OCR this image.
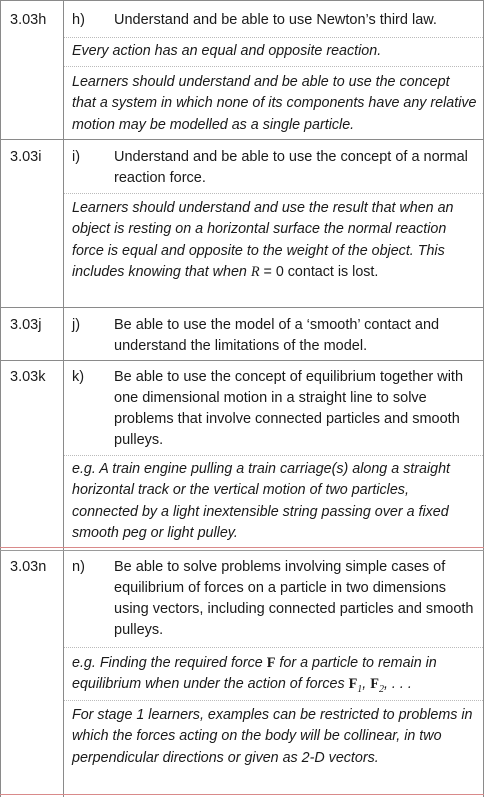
3.03h h) Understand and be able to use Newton’s third law.
Every action has an equal and opposite reaction.
Learners should understand and be able to use the concept that a system in which none of its components have any relative motion may be modelled as a single particle.
3.03i i) Understand and be able to use the concept of a normal reaction force.
Learners should understand and use the result that when an object is resting on a horizontal surface the normal reaction force is equal and opposite to the weight of the object. This includes knowing that when R = 0 contact is lost.
3.03j j) Be able to use the model of a ‘smooth’ contact and understand the limitations of the model.
3.03k k) Be able to use the concept of equilibrium together with one dimensional motion in a straight line to solve problems that involve connected particles and smooth pulleys.
e.g. A train engine pulling a train carriage(s) along a straight horizontal track or the vertical motion of two particles, connected by a light inextensible string passing over a fixed smooth peg or light pulley.
3.03n n) Be able to solve problems involving simple cases of equilibrium of forces on a particle in two dimensions using vectors, including connected particles and smooth pulleys.
e.g. Finding the required force F for a particle to remain in equilibrium when under the action of forces $F_1$, $F_2$, . . .
For stage 1 learners, examples can be restricted to problems in which the forces acting on the body will be collinear, in two perpendicular directions or given as 2-D vectors.
